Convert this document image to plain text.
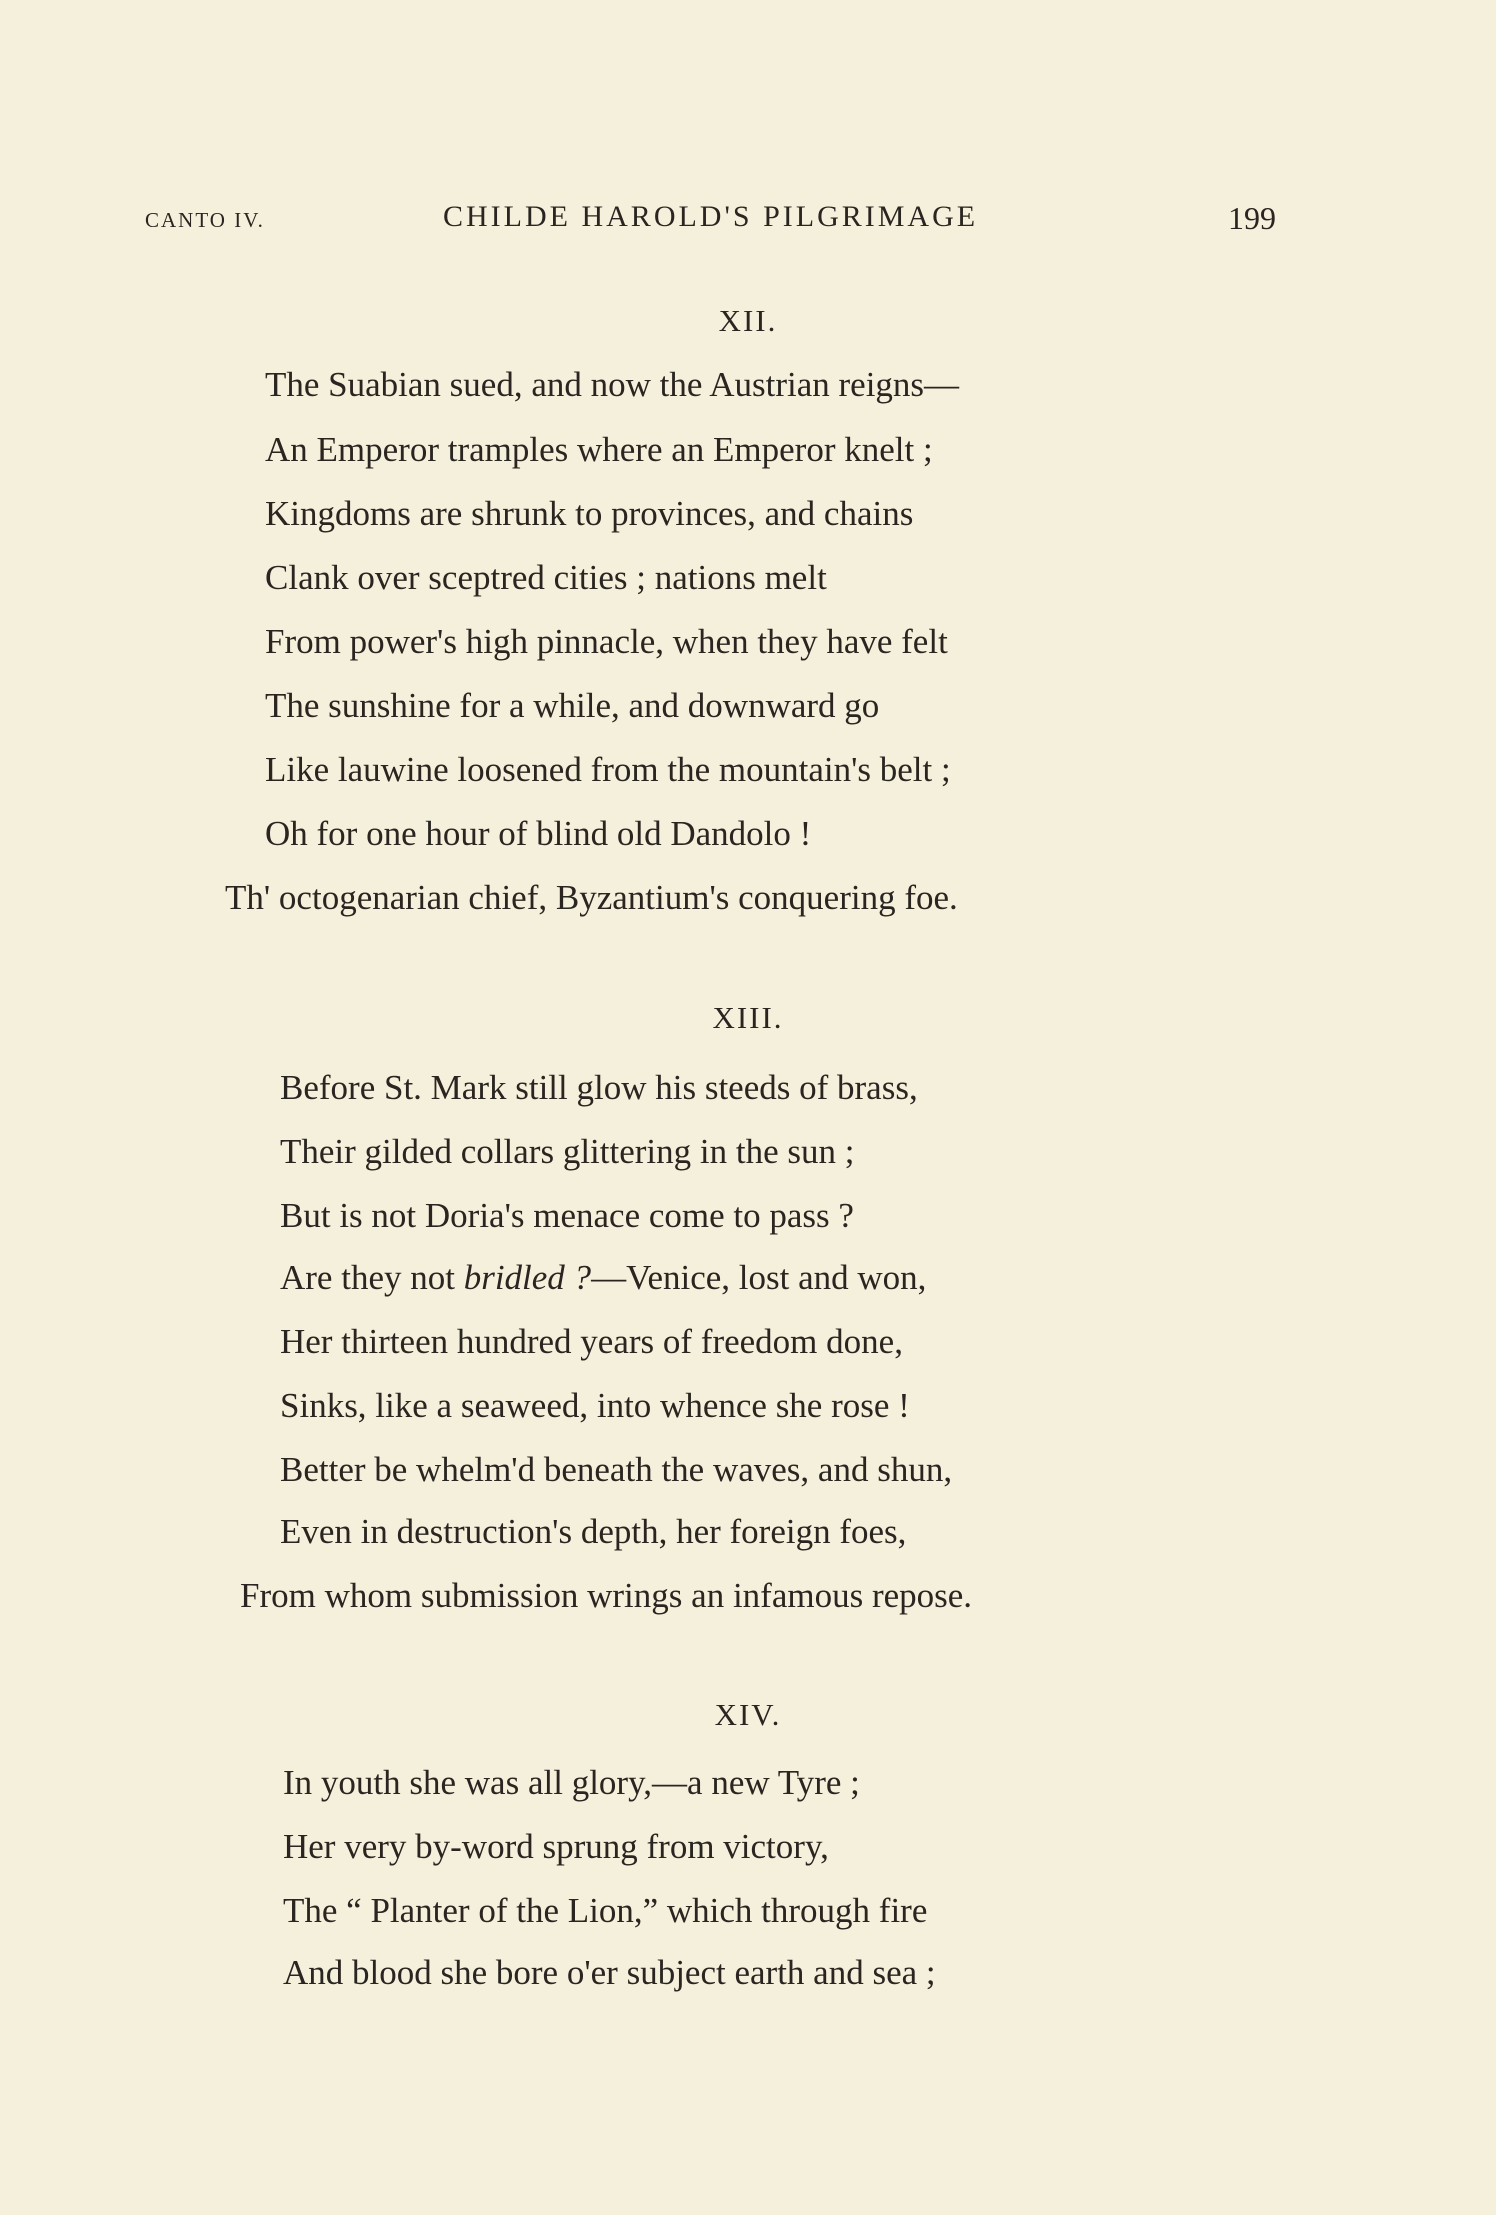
CANTO IV.	CHILDE HAROLD'S PILGRIMAGE	199
XII.
The Suabian sued, and now the Austrian reigns—
An Emperor tramples where an Emperor knelt ;
Kingdoms are shrunk to provinces, and chains
Clank over sceptred cities ; nations melt
From power's high pinnacle, when they have felt
The sunshine for a while, and downward go
Like lauwine loosened from the mountain's belt ;
Oh for one hour of blind old Dandolo !
Th' octogenarian chief, Byzantium's conquering foe.
XIII.
Before St. Mark still glow his steeds of brass,
Their gilded collars glittering in the sun ;
But is not Doria's menace come to pass ?
Are they not bridled ?—Venice, lost and won,
Her thirteen hundred years of freedom done,
Sinks, like a seaweed, into whence she rose !
Better be whelm'd beneath the waves, and shun,
Even in destruction's depth, her foreign foes,
From whom submission wrings an infamous repose.
XIV.
In youth she was all glory,—a new Tyre ;
Her very by-word sprung from victory,
The “ Planter of the Lion,” which through fire
And blood she bore o'er subject earth and sea ;
